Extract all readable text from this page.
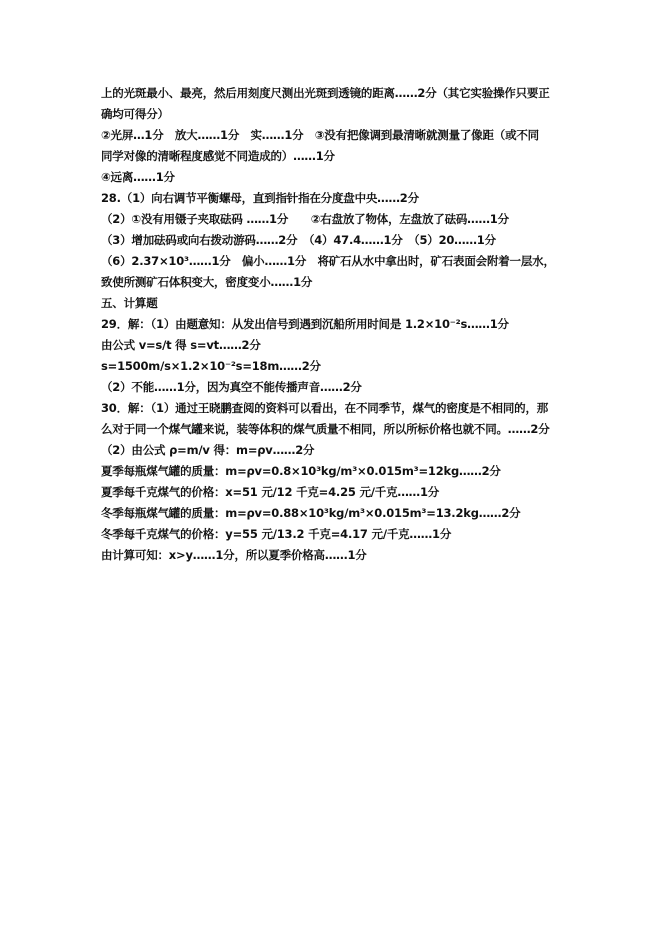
上的光斑最小、最亮，然后用刻度尺测出光斑到透镜的距离……2分（其它实验操作只要正
确均可得分）
②光屏…1分　放大……1分　实……1分　③没有把像调到最清晰就测量了像距（或不同
同学对像的清晰程度感觉不同造成的）……1分
④远离……1分
28.（1）向右调节平衡螺母，直到指针指在分度盘中央……2分
（2）①没有用镊子夹取砝码 ……1分　　②右盘放了物体，左盘放了砝码……1分
（3）增加砝码或向右拨动游码……2分　（4）47.4……1分　（5）20……1分
（6）2.37×10³……1分　偏小……1分　将矿石从水中拿出时，矿石表面会附着一层水，
致使所测矿石体积变大，密度变小……1分
五、计算题
29．解：（1）由题意知：从发出信号到遇到沉船所用时间是 1.2×10⁻²s……1分
由公式 v=s/t 得 s=vt……2分
s=1500m/s×1.2×10⁻²s=18m……2分
（2）不能……1分，因为真空不能传播声音……2分
30．解：（1）通过王晓鹏查阅的资料可以看出，在不同季节，煤气的密度是不相同的，那
么对于同一个煤气罐来说，装等体积的煤气质量不相同，所以所标价格也就不同。……2分
（2）由公式 ρ=m/v 得：m=ρv……2分
夏季每瓶煤气罐的质量：m=ρv=0.8×10³kg/m³×0.015m³=12kg……2分
夏季每千克煤气的价格：x=51 元/12 千克=4.25 元/千克……1分
冬季每瓶煤气罐的质量：m=ρv=0.88×10³kg/m³×0.015m³=13.2kg……2分
冬季每千克煤气的价格：y=55 元/13.2 千克=4.17 元/千克……1分
由计算可知：x>y……1分，所以夏季价格高……1分
